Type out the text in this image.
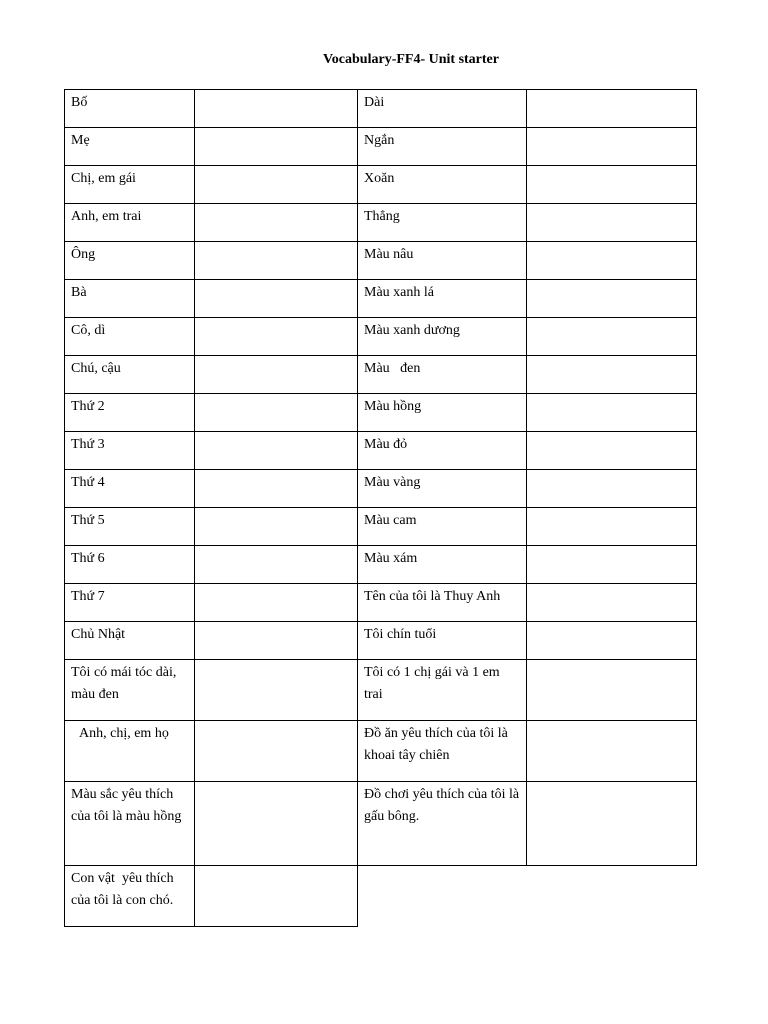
Vocabulary-FF4- Unit starter
Bố		Dài	
Mẹ		Ngắn	
Chị, em gái		Xoăn	
Anh, em trai		Thẳng	
Ông		Màu nâu	
Bà		Màu xanh lá	
Cô, dì		Màu xanh dương	
Chú, cậu		Màu   đen	
Thứ 2		Màu hồng	
Thứ 3		Màu đỏ	
Thứ 4		Màu vàng	
Thứ 5		Màu cam	
Thứ 6		Màu xám	
Thứ 7		Tên của tôi là Thuy Anh	
Chủ Nhật		Tôi chín tuổi	
Tôi có mái tóc dài, màu đen		Tôi có 1 chị gái và 1 em trai	
Anh, chị, em họ		Đồ ăn yêu thích của tôi là khoai tây chiên	
Màu sắc yêu thích của tôi là màu hồng		Đồ chơi yêu thích của tôi là gấu bông.	
Con vật  yêu thích của tôi là con chó.			
